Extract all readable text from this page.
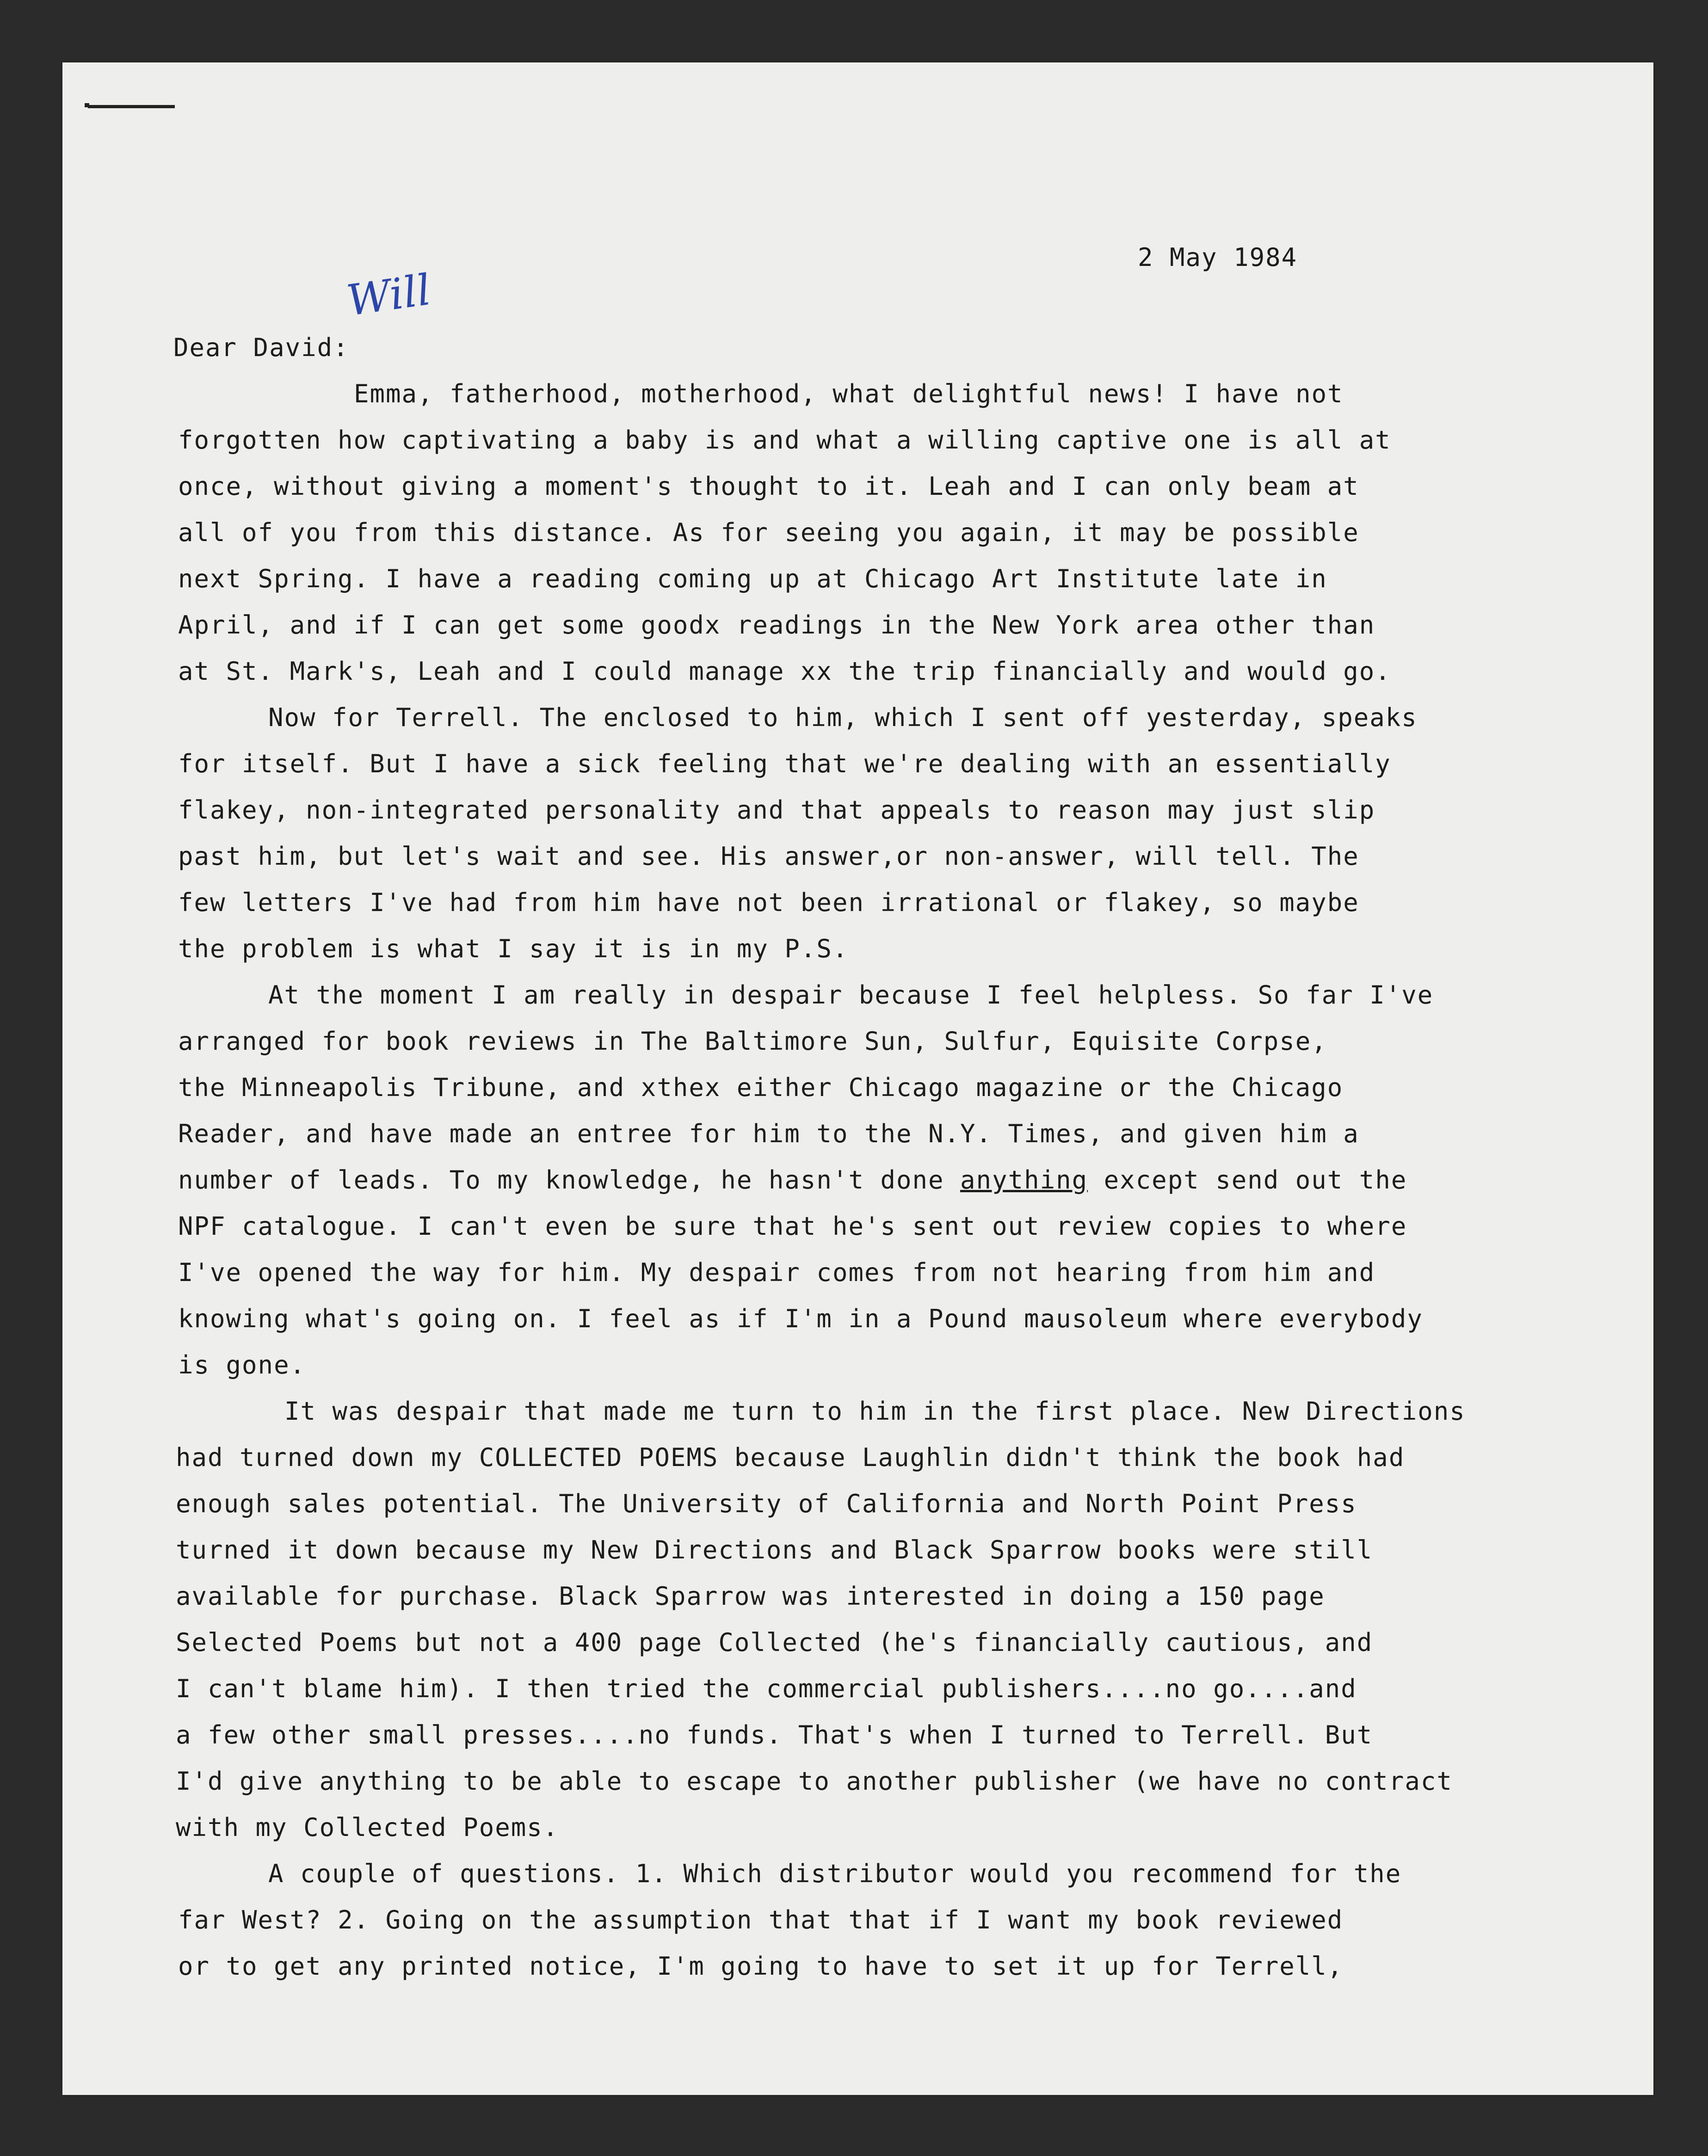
Will
2 May 1984
Dear David:
Emma, fatherhood, motherhood, what delightful news! I have not
forgotten how captivating a baby is and what a willing captive one is all at
once, without giving a moment's thought to it. Leah and I can only beam at
all of you from this distance. As for seeing you again, it may be possible
next Spring. I have a reading coming up at Chicago Art Institute late in
April, and if I can get some goodx readings in the New York area other than
at St. Mark's, Leah and I could manage xx the trip financially and would go.
Now for Terrell. The enclosed to him, which I sent off yesterday, speaks
for itself. But I have a sick feeling that we're dealing with an essentially
flakey, non-integrated personality and that appeals to reason may just slip
past him, but let's wait and see. His answer,or non-answer, will tell. The
few letters I've had from him have not been irrational or flakey, so maybe
the problem is what I say it is in my P.S.
At the moment I am really in despair because I feel helpless. So far I've
arranged for book reviews in The Baltimore Sun, Sulfur, Equisite Corpse,
the Minneapolis Tribune, and xthex either Chicago magazine or the Chicago
Reader, and have made an entree for him to the N.Y. Times, and given him a
number of leads. To my knowledge, he hasn't done anything except send out the
NPF catalogue. I can't even be sure that he's sent out review copies to where
I've opened the way for him. My despair comes from not hearing from him and
knowing what's going on. I feel as if I'm in a Pound mausoleum where everybody
is gone.
It was despair that made me turn to him in the first place. New Directions
had turned down my COLLECTED POEMS because Laughlin didn't think the book had
enough sales potential. The University of California and North Point Press
turned it down because my New Directions and Black Sparrow books were still
available for purchase. Black Sparrow was interested in doing a 150 page
Selected Poems but not a 400 page Collected (he's financially cautious, and
I can't blame him). I then tried the commercial publishers....no go....and
a few other small presses....no funds. That's when I turned to Terrell. But
I'd give anything to be able to escape to another publisher (we have no contract
with my Collected Poems.
A couple of questions. 1. Which distributor would you recommend for the
far West? 2. Going on the assumption that that if I want my book reviewed
or to get any printed notice, I'm going to have to set it up for Terrell,
